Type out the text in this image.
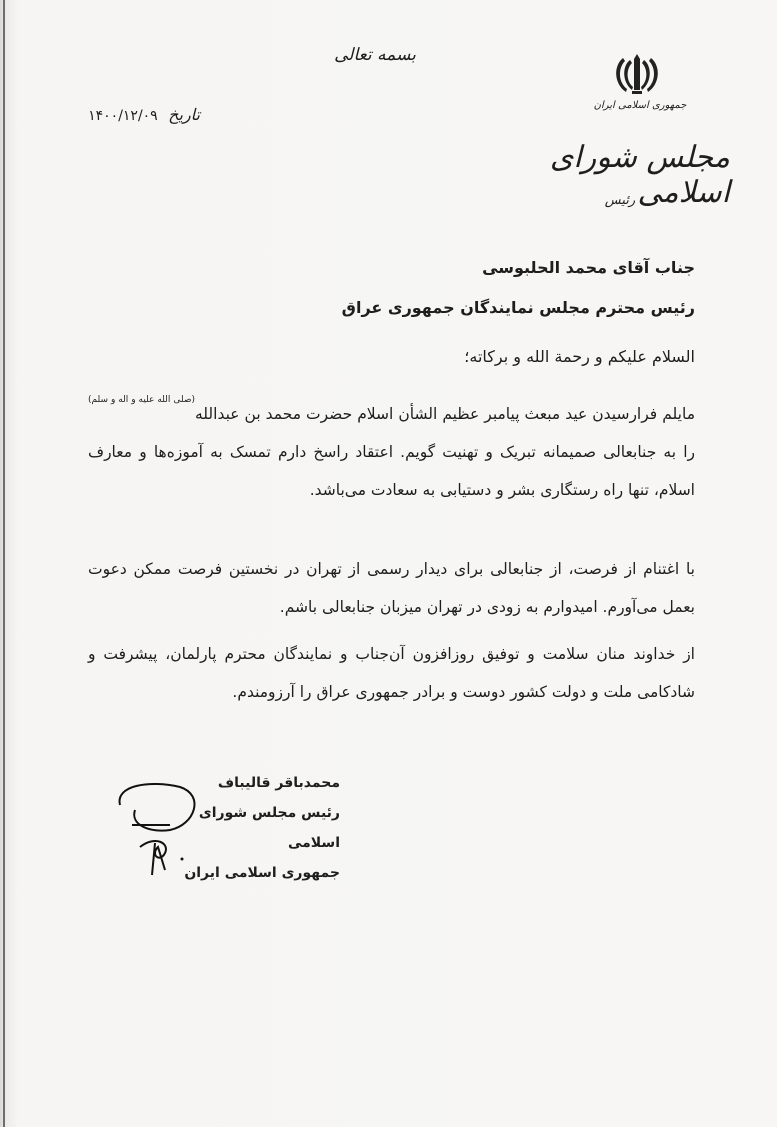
جمهوری اسلامی ایران
مجلس شورای اسلامی
رئیس
بسمه تعالی
تاریخ ۱۴۰۰/۱۲/۰۹
جناب آقای محمد الحلبوسی
رئیس محترم مجلس نمایندگان جمهوری عراق
السلام علیکم و رحمة الله و برکاته؛
مایلم فرارسیدن عید مبعث پیامبر عظیم الشأن اسلام حضرت محمد بن عبدالله$^{(صلی الله علیه و اله و سلم)}$ را به جنابعالی صمیمانه تبریک و تهنیت گویم. اعتقاد راسخ دارم تمسک به آموزه‌ها و معارف اسلام، تنها راه رستگاری بشر و دستیابی به سعادت می‌باشد.
با اغتنام از فرصت، از جنابعالی برای دیدار رسمی از تهران در نخستین فرصت ممکن دعوت بعمل می‌آورم. امیدوارم به زودی در تهران میزبان جنابعالی باشم.
از خداوند منان سلامت و توفیق روزافزون آن‌جناب و نمایندگان محترم پارلمان، پیشرفت و شادکامی ملت و دولت کشور دوست و برادر جمهوری عراق را آرزومندم.
محمدباقر قالیباف
رئیس مجلس شورای اسلامی
جمهوری اسلامی ایران
